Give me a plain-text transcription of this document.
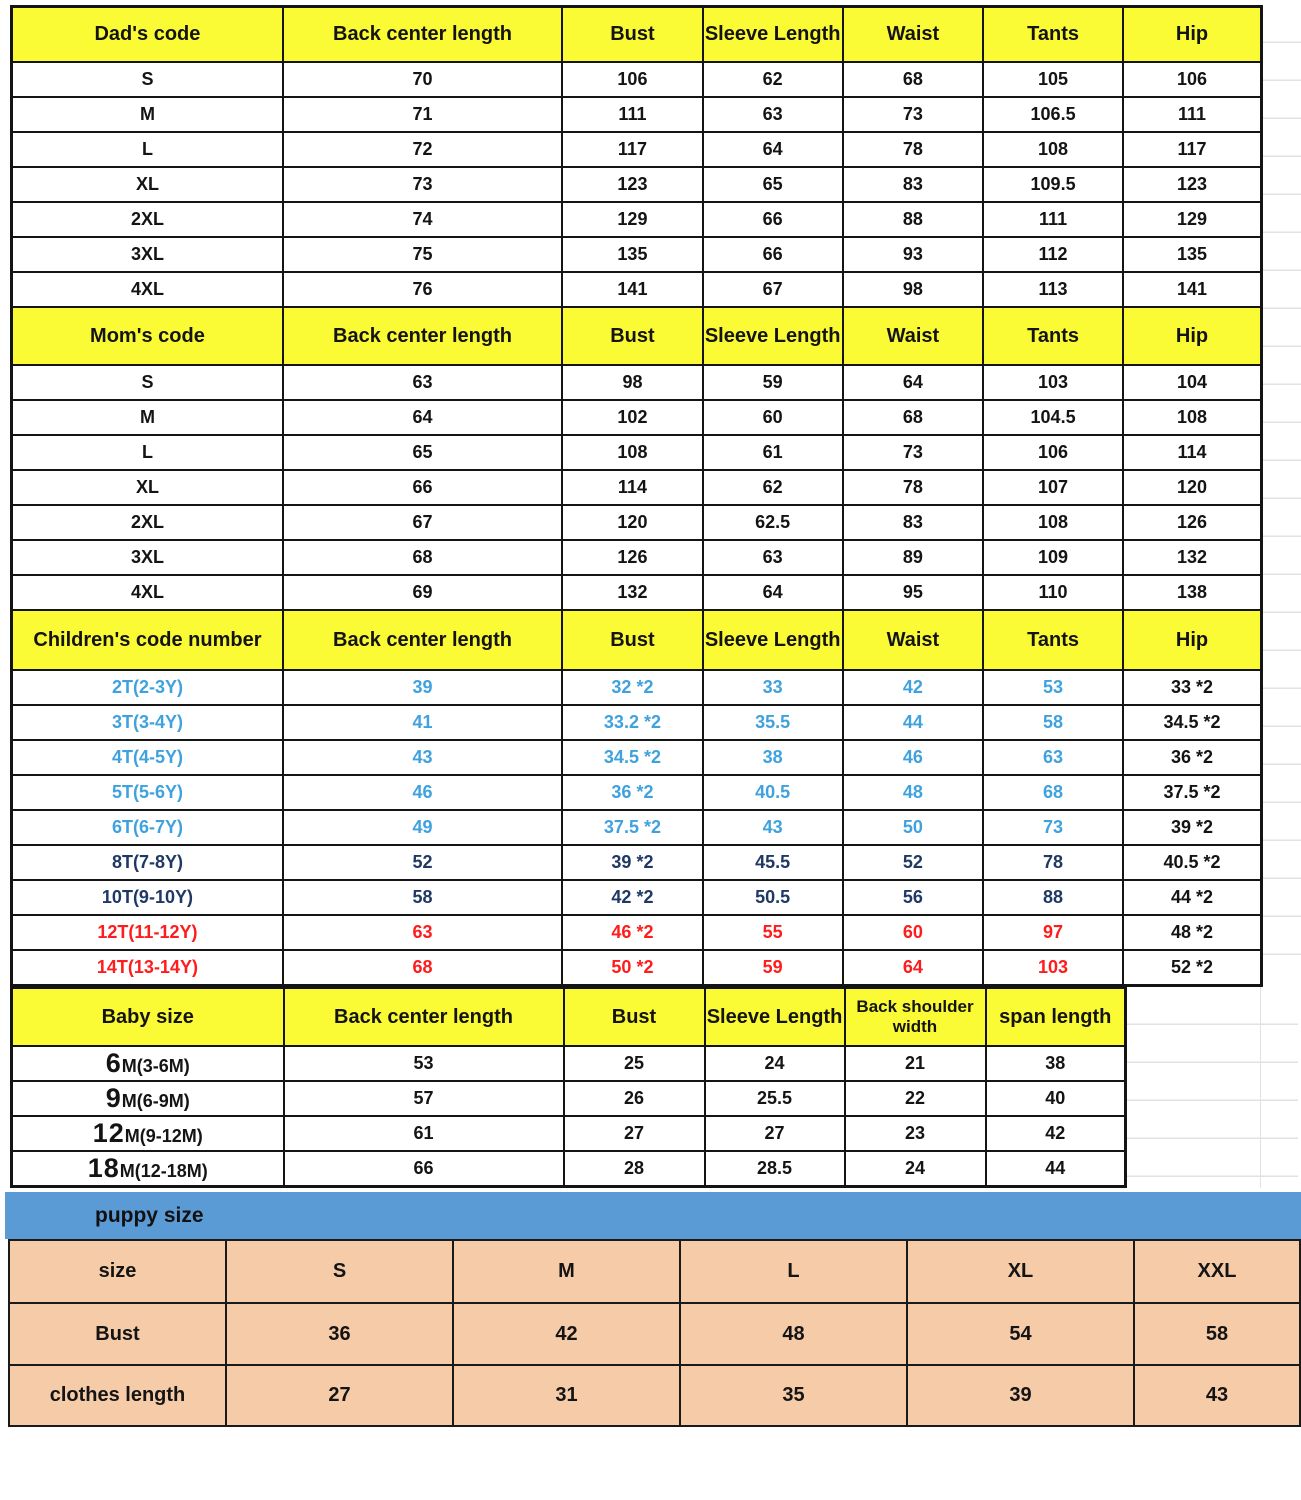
Dad's code	Back center length	Bust	Sleeve Length	Waist	Tants	Hip
S	70	106	62	68	105	106
M	71	111	63	73	106.5	111
L	72	117	64	78	108	117
XL	73	123	65	83	109.5	123
2XL	74	129	66	88	111	129
3XL	75	135	66	93	112	135
4XL	76	141	67	98	113	141
Mom's code	Back center length	Bust	Sleeve Length	Waist	Tants	Hip
S	63	98	59	64	103	104
M	64	102	60	68	104.5	108
L	65	108	61	73	106	114
XL	66	114	62	78	107	120
2XL	67	120	62.5	83	108	126
3XL	68	126	63	89	109	132
4XL	69	132	64	95	110	138
Children's code number	Back center length	Bust	Sleeve Length	Waist	Tants	Hip
2T(2-3Y)	39	32 *2	33	42	53	33 *2
3T(3-4Y)	41	33.2 *2	35.5	44	58	34.5 *2
4T(4-5Y)	43	34.5 *2	38	46	63	36 *2
5T(5-6Y)	46	36 *2	40.5	48	68	37.5 *2
6T(6-7Y)	49	37.5 *2	43	50	73	39 *2
8T(7-8Y)	52	39 *2	45.5	52	78	40.5 *2
10T(9-10Y)	58	42 *2	50.5	56	88	44 *2
12T(11-12Y)	63	46 *2	55	60	97	48 *2
14T(13-14Y)	68	50 *2	59	64	103	52 *2
Baby size	Back center length	Bust	Sleeve Length	Back shoulder width	span length
6M(3-6M)	53	25	24	21	38
9M(6-9M)	57	26	25.5	22	40
12M(9-12M)	61	27	27	23	42
18M(12-18M)	66	28	28.5	24	44
puppy size
size	S	M	L	XL	XXL
Bust	36	42	48	54	58
clothes length	27	31	35	39	43
